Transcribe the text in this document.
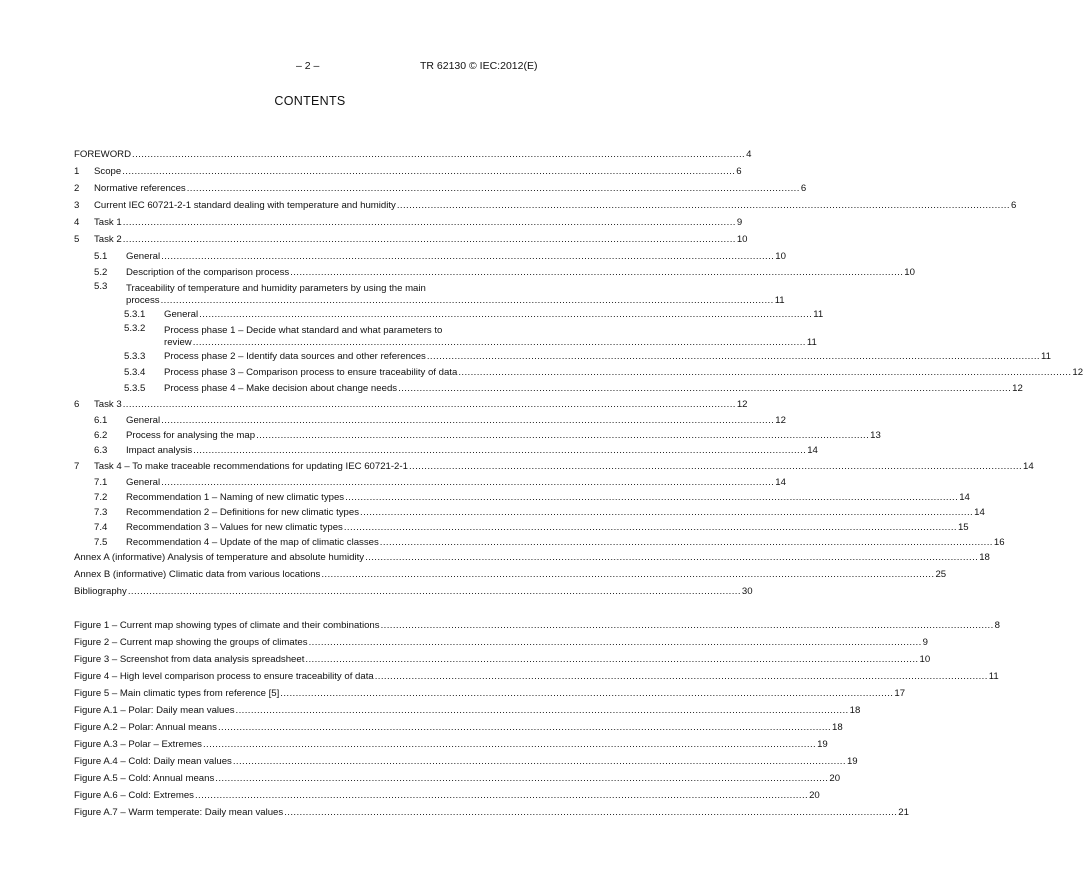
– 2 –	TR 62130 © IEC:2012(E)
CONTENTS
FOREWORD .....	4
1	Scope .....	6
2	Normative references .....	6
3	Current IEC 60721-2-1 standard dealing with temperature and humidity .....	6
4	Task 1 .....	9
5	Task 2 .....	10
5.1	General .....	10
5.2	Description of the comparison process .....	10
5.3	Traceability of temperature and humidity parameters by using the main
process .....	11
5.3.1	General .....	11
5.3.2	Process phase 1 – Decide what standard and what parameters to
review .....	11
5.3.3	Process phase 2 – Identify data sources and other references .....	11
5.3.4	Process phase 3 – Comparison process to ensure traceability of data .....	12
5.3.5	Process phase 4 – Make decision about change needs .....	12
6	Task 3 .....	12
6.1	General .....	12
6.2	Process for analysing the map .....	13
6.3	Impact analysis .....	14
7	Task 4 – To make traceable recommendations for updating IEC 60721-2-1 .....	14
7.1	General .....	14
7.2	Recommendation 1 – Naming of new climatic types .....	14
7.3	Recommendation 2 – Definitions for new climatic types .....	14
7.4	Recommendation 3 – Values for new climatic types .....	15
7.5	Recommendation 4 – Update of the map of climatic classes .....	16
Annex A (informative) Analysis of temperature and absolute humidity .....	18
Annex B (informative) Climatic data from various locations .....	25
Bibliography .....	30
Figure 1 – Current map showing types of climate and their combinations .....	8
Figure 2 – Current map showing the groups of climates .....	9
Figure 3 – Screenshot from data analysis spreadsheet .....	10
Figure 4 – High level comparison process to ensure traceability of data .....	11
Figure 5 – Main climatic types from reference [5] .....	17
Figure A.1 – Polar: Daily mean values .....	18
Figure A.2 – Polar: Annual means .....	18
Figure A.3 – Polar – Extremes .....	19
Figure A.4 – Cold: Daily mean values .....	19
Figure A.5 – Cold: Annual means .....	20
Figure A.6 – Cold: Extremes .....	20
Figure A.7 – Warm temperate: Daily mean values .....	21
